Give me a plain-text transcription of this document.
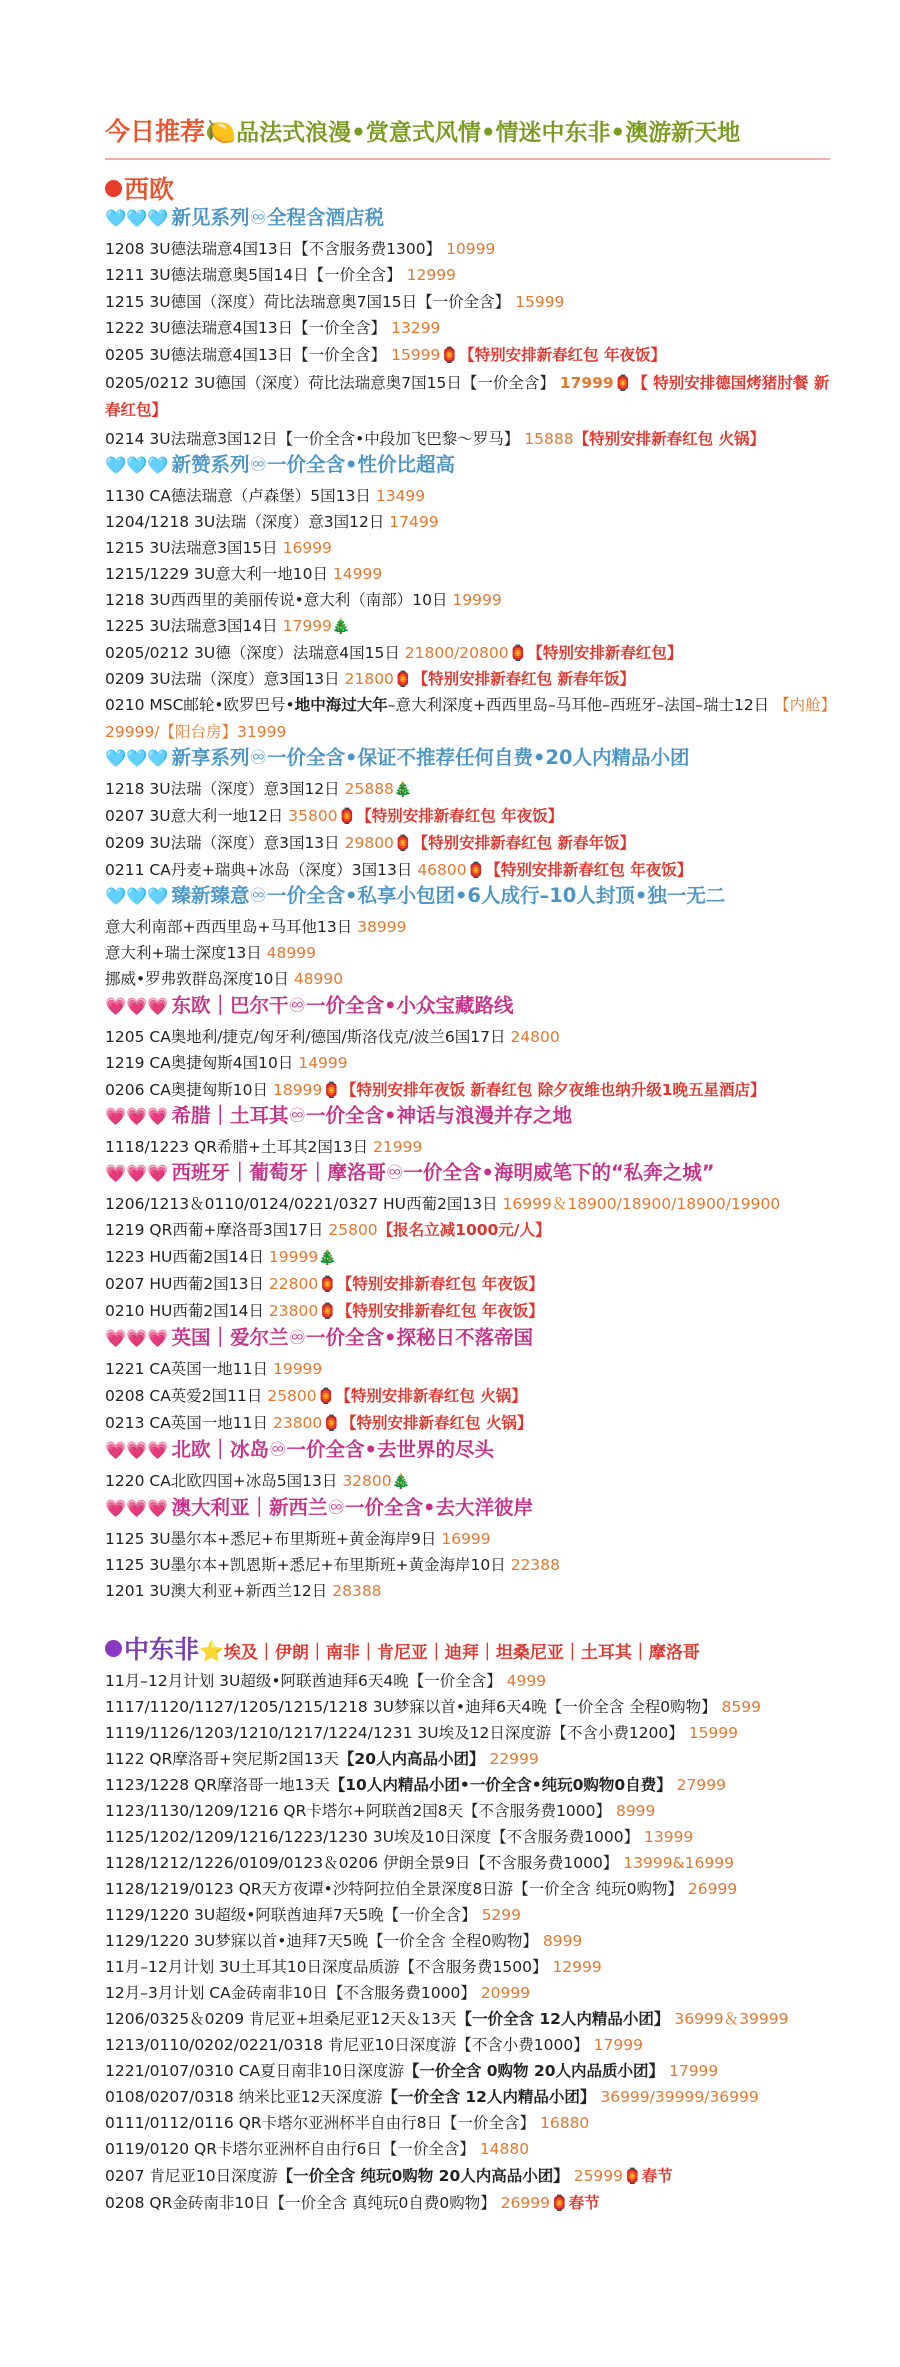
今日推荐🍋品法式浪漫•赏意式风情•情迷中东非•澳游新天地
西欧
🩵🩵🩵 新见系列♾全程含酒店税
1208 3U德法瑞意4国13日【不含服务费1300】 10999
1211 3U德法瑞意奥5国14日【一价全含】 12999
1215 3U德国（深度）荷比法瑞意奥7国15日【一价全含】 15999
1222 3U德法瑞意4国13日【一价全含】 13299
0205 3U德法瑞意4国13日【一价全含】 15999🏮【特别安排新春红包 年夜饭】
0205/0212 3U德国（深度）荷比法瑞意奥7国15日【一价全含】 17999🏮【 特别安排德国烤猪肘餐 新春红包】
0214 3U法瑞意3国12日【一价全含•中段加飞巴黎～罗马】 15888【特别安排新春红包 火锅】
🩵🩵🩵 新赞系列♾一价全含•性价比超高
1130 CA德法瑞意（卢森堡）5国13日 13499
1204/1218 3U法瑞（深度）意3国12日 17499
1215 3U法瑞意3国15日 16999
1215/1229 3U意大利一地10日 14999
1218 3U西西里的美丽传说•意大利（南部）10日 19999
1225 3U法瑞意3国14日 17999🎄
0205/0212 3U德（深度）法瑞意4国15日 21800/20800🏮【特别安排新春红包】
0209 3U法瑞（深度）意3国13日 21800🏮【特别安排新春红包 新春年饭】
0210 MSC邮轮•欧罗巴号•地中海过大年–意大利深度+西西里岛–马耳他–西班牙–法国–瑞士12日 【内舱】29999/【阳台房】31999
🩵🩵🩵 新享系列♾一价全含•保证不推荐任何自费•20人内精品小团
1218 3U法瑞（深度）意3国12日 25888🎄
0207 3U意大利一地12日 35800🏮【特别安排新春红包 年夜饭】
0209 3U法瑞（深度）意3国13日 29800🏮【特别安排新春红包 新春年饭】
0211 CA丹麦+瑞典+冰岛（深度）3国13日 46800🏮【特别安排新春红包 年夜饭】
🩵🩵🩵 臻新臻意♾一价全含•私享小包团•6人成行–10人封顶•独一无二
意大利南部+西西里岛+马耳他13日 38999
意大利+瑞士深度13日 48999
挪威•罗弗敦群岛深度10日 48990
💗💗💗 东欧｜巴尔干♾一价全含•小众宝藏路线
1205 CA奥地利/捷克/匈牙利/德国/斯洛伐克/波兰6国17日 24800
1219 CA奥捷匈斯4国10日 14999
0206 CA奥捷匈斯10日 18999🏮【特别安排年夜饭 新春红包 除夕夜维也纳升级1晚五星酒店】
💗💗💗 希腊｜土耳其♾一价全含•神话与浪漫并存之地
1118/1223 QR希腊+土耳其2国13日 21999
💗💗💗 西班牙｜葡萄牙｜摩洛哥♾一价全含•海明威笔下的“私奔之城”
1206/1213＆0110/0124/0221/0327 HU西葡2国13日 16999＆18900/18900/18900/19900
1219 QR西葡+摩洛哥3国17日 25800【报名立减1000元/人】
1223 HU西葡2国14日 19999🎄
0207 HU西葡2国13日 22800🏮【特别安排新春红包 年夜饭】
0210 HU西葡2国14日 23800🏮【特别安排新春红包 年夜饭】
💗💗💗 英国｜爱尔兰♾一价全含•探秘日不落帝国
1221 CA英国一地11日 19999
0208 CA英爱2国11日 25800🏮【特别安排新春红包 火锅】
0213 CA英国一地11日 23800🏮【特别安排新春红包 火锅】
💗💗💗 北欧｜冰岛♾一价全含•去世界的尽头
1220 CA北欧四国+冰岛5国13日 32800🎄
💗💗💗 澳大利亚｜新西兰♾一价全含•去大洋彼岸
1125 3U墨尔本+悉尼+布里斯班+黄金海岸9日 16999
1125 3U墨尔本+凯恩斯+悉尼+布里斯班+黄金海岸10日 22388
1201 3U澳大利亚+新西兰12日 28388
中东非⭐埃及｜伊朗｜南非｜肯尼亚｜迪拜｜坦桑尼亚｜土耳其｜摩洛哥
11月–12月计划 3U超级•阿联酋迪拜6天4晚【一价全含】 4999
1117/1120/1127/1205/1215/1218 3U梦寐以首•迪拜6天4晚【一价全含 全程0购物】 8599
1119/1126/1203/1210/1217/1224/1231 3U埃及12日深度游【不含小费1200】 15999
1122 QR摩洛哥+突尼斯2国13天【20人内高品小团】 22999
1123/1228 QR摩洛哥一地13天【10人内精品小团•一价全含•纯玩0购物0自费】 27999
1123/1130/1209/1216 QR卡塔尔+阿联酋2国8天【不含服务费1000】 8999
1125/1202/1209/1216/1223/1230 3U埃及10日深度【不含服务费1000】 13999
1128/1212/1226/0109/0123＆0206 伊朗全景9日【不含服务费1000】 13999&16999
1128/1219/0123 QR天方夜谭•沙特阿拉伯全景深度8日游【一价全含 纯玩0购物】 26999
1129/1220 3U超级•阿联酋迪拜7天5晚【一价全含】 5299
1129/1220 3U梦寐以首•迪拜7天5晚【一价全含 全程0购物】 8999
11月–12月计划 3U土耳其10日深度品质游【不含服务费1500】 12999
12月–3月计划 CA金砖南非10日【不含服务费1000】 20999
1206/0325＆0209 肯尼亚+坦桑尼亚12天＆13天【一价全含 12人内精品小团】 36999＆39999
1213/0110/0202/0221/0318 肯尼亚10日深度游【不含小费1000】 17999
1221/0107/0310 CA夏日南非10日深度游【一价全含 0购物 20人内品质小团】 17999
0108/0207/0318 纳米比亚12天深度游【一价全含 12人内精品小团】 36999/39999/36999
0111/0112/0116 QR卡塔尔亚洲杯半自由行8日【一价全含】 16880
0119/0120 QR卡塔尔亚洲杯自由行6日【一价全含】 14880
0207 肯尼亚10日深度游【一价全含 纯玩0购物 20人内高品小团】 25999🏮春节
0208 QR金砖南非10日【一价全含 真纯玩0自费0购物】 26999🏮春节
